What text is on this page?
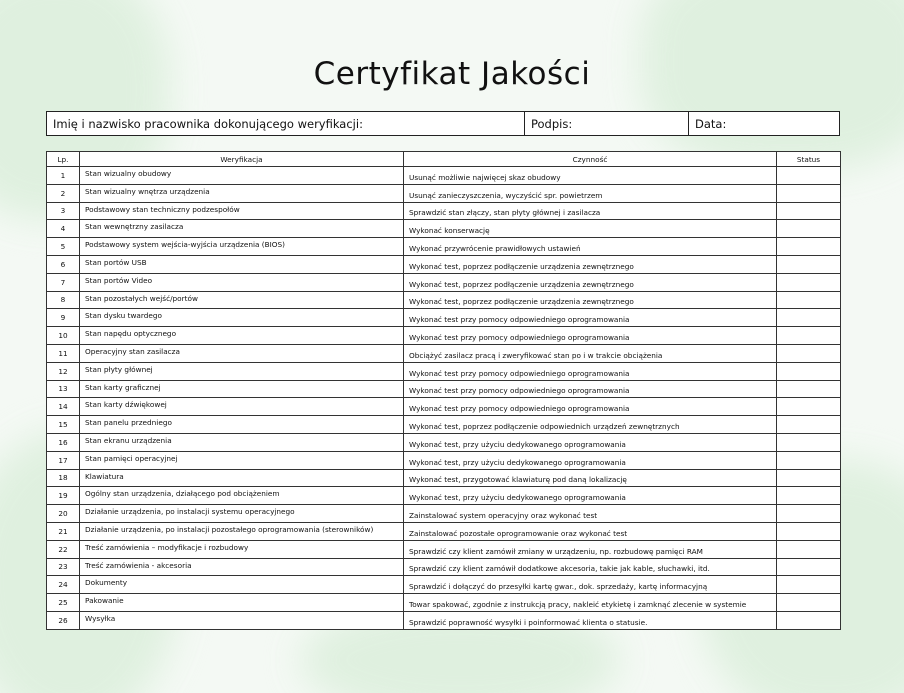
Certyfikat Jakości
Imię i nazwisko pracownika dokonującego weryfikacji:	Podpis:	Data:
Lp.	Weryfikacja	Czynność	Status
1	Stan wizualny obudowy	Usunąć możliwie najwięcej skaz obudowy	
2	Stan wizualny wnętrza urządzenia	Usunąć zanieczyszczenia, wyczyścić spr. powietrzem	
3	Podstawowy stan techniczny podzespołów	Sprawdzić stan złączy, stan płyty głównej i zasilacza	
4	Stan wewnętrzny zasilacza	Wykonać konserwację	
5	Podstawowy system wejścia-wyjścia urządzenia (BIOS)	Wykonać przywrócenie prawidłowych ustawień	
6	Stan portów USB	Wykonać test, poprzez podłączenie urządzenia zewnętrznego	
7	Stan portów Video	Wykonać test, poprzez podłączenie urządzenia zewnętrznego	
8	Stan pozostałych wejść/portów	Wykonać test, poprzez podłączenie urządzenia zewnętrznego	
9	Stan dysku twardego	Wykonać test przy pomocy odpowiedniego oprogramowania	
10	Stan napędu optycznego	Wykonać test przy pomocy odpowiedniego oprogramowania	
11	Operacyjny stan zasilacza	Obciążyć zasilacz pracą i zweryfikować stan po i w trakcie obciążenia	
12	Stan płyty głównej	Wykonać test przy pomocy odpowiedniego oprogramowania	
13	Stan karty graficznej	Wykonać test przy pomocy odpowiedniego oprogramowania	
14	Stan karty dźwiękowej	Wykonać test przy pomocy odpowiedniego oprogramowania	
15	Stan panelu przedniego	Wykonać test, poprzez podłączenie odpowiednich urządzeń zewnętrznych	
16	Stan ekranu urządzenia	Wykonać test, przy użyciu dedykowanego oprogramowania	
17	Stan pamięci operacyjnej	Wykonać test, przy użyciu dedykowanego oprogramowania	
18	Klawiatura	Wykonać test, przygotować klawiaturę pod daną lokalizację	
19	Ogólny stan urządzenia, działącego pod obciążeniem	Wykonać test, przy użyciu dedykowanego oprogramowania	
20	Działanie urządzenia, po instalacji systemu operacyjnego	Zainstalować system operacyjny oraz wykonać test	
21	Działanie urządzenia, po instalacji pozostałego oprogramowania (sterowników)	Zainstalować pozostałe oprogramowanie oraz wykonać test	
22	Treść zamówienia – modyfikacje i rozbudowy	Sprawdzić czy klient zamówił zmiany w urządzeniu, np. rozbudowę pamięci RAM	
23	Treść zamówienia - akcesoria	Sprawdzić czy klient zamówił dodatkowe akcesoria, takie jak kable, słuchawki, itd.	
24	Dokumenty	Sprawdzić i dołączyć do przesyłki kartę gwar., dok. sprzedaży, kartę informacyjną	
25	Pakowanie	Towar spakować, zgodnie z instrukcją pracy, nakleić etykietę i zamknąć zlecenie w systemie	
26	Wysyłka	Sprawdzić poprawność wysyłki i poinformować klienta o statusie.	
